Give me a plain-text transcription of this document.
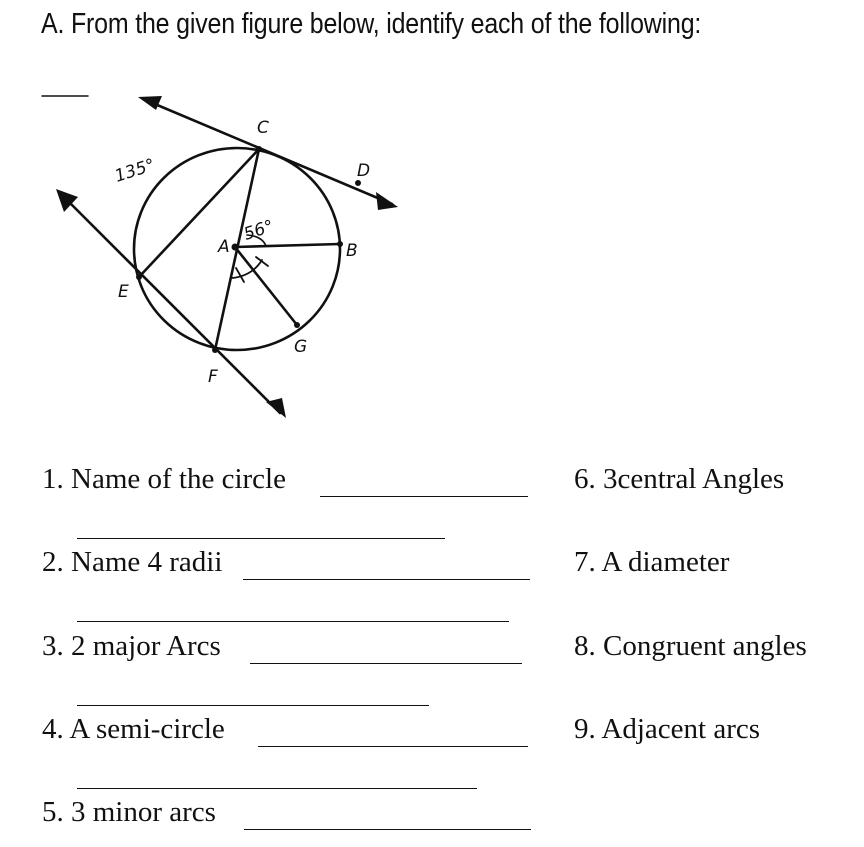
A. From the given figure below, identify each of the following:
135°
56°
C
D
A	B
E
F
G
1. Name of the circle
2. Name 4 radii
3. 2 major Arcs
4. A semi-circle
5. 3 minor arcs
6. 3central Angles
7. A diameter
8. Congruent angles
9. Adjacent arcs
